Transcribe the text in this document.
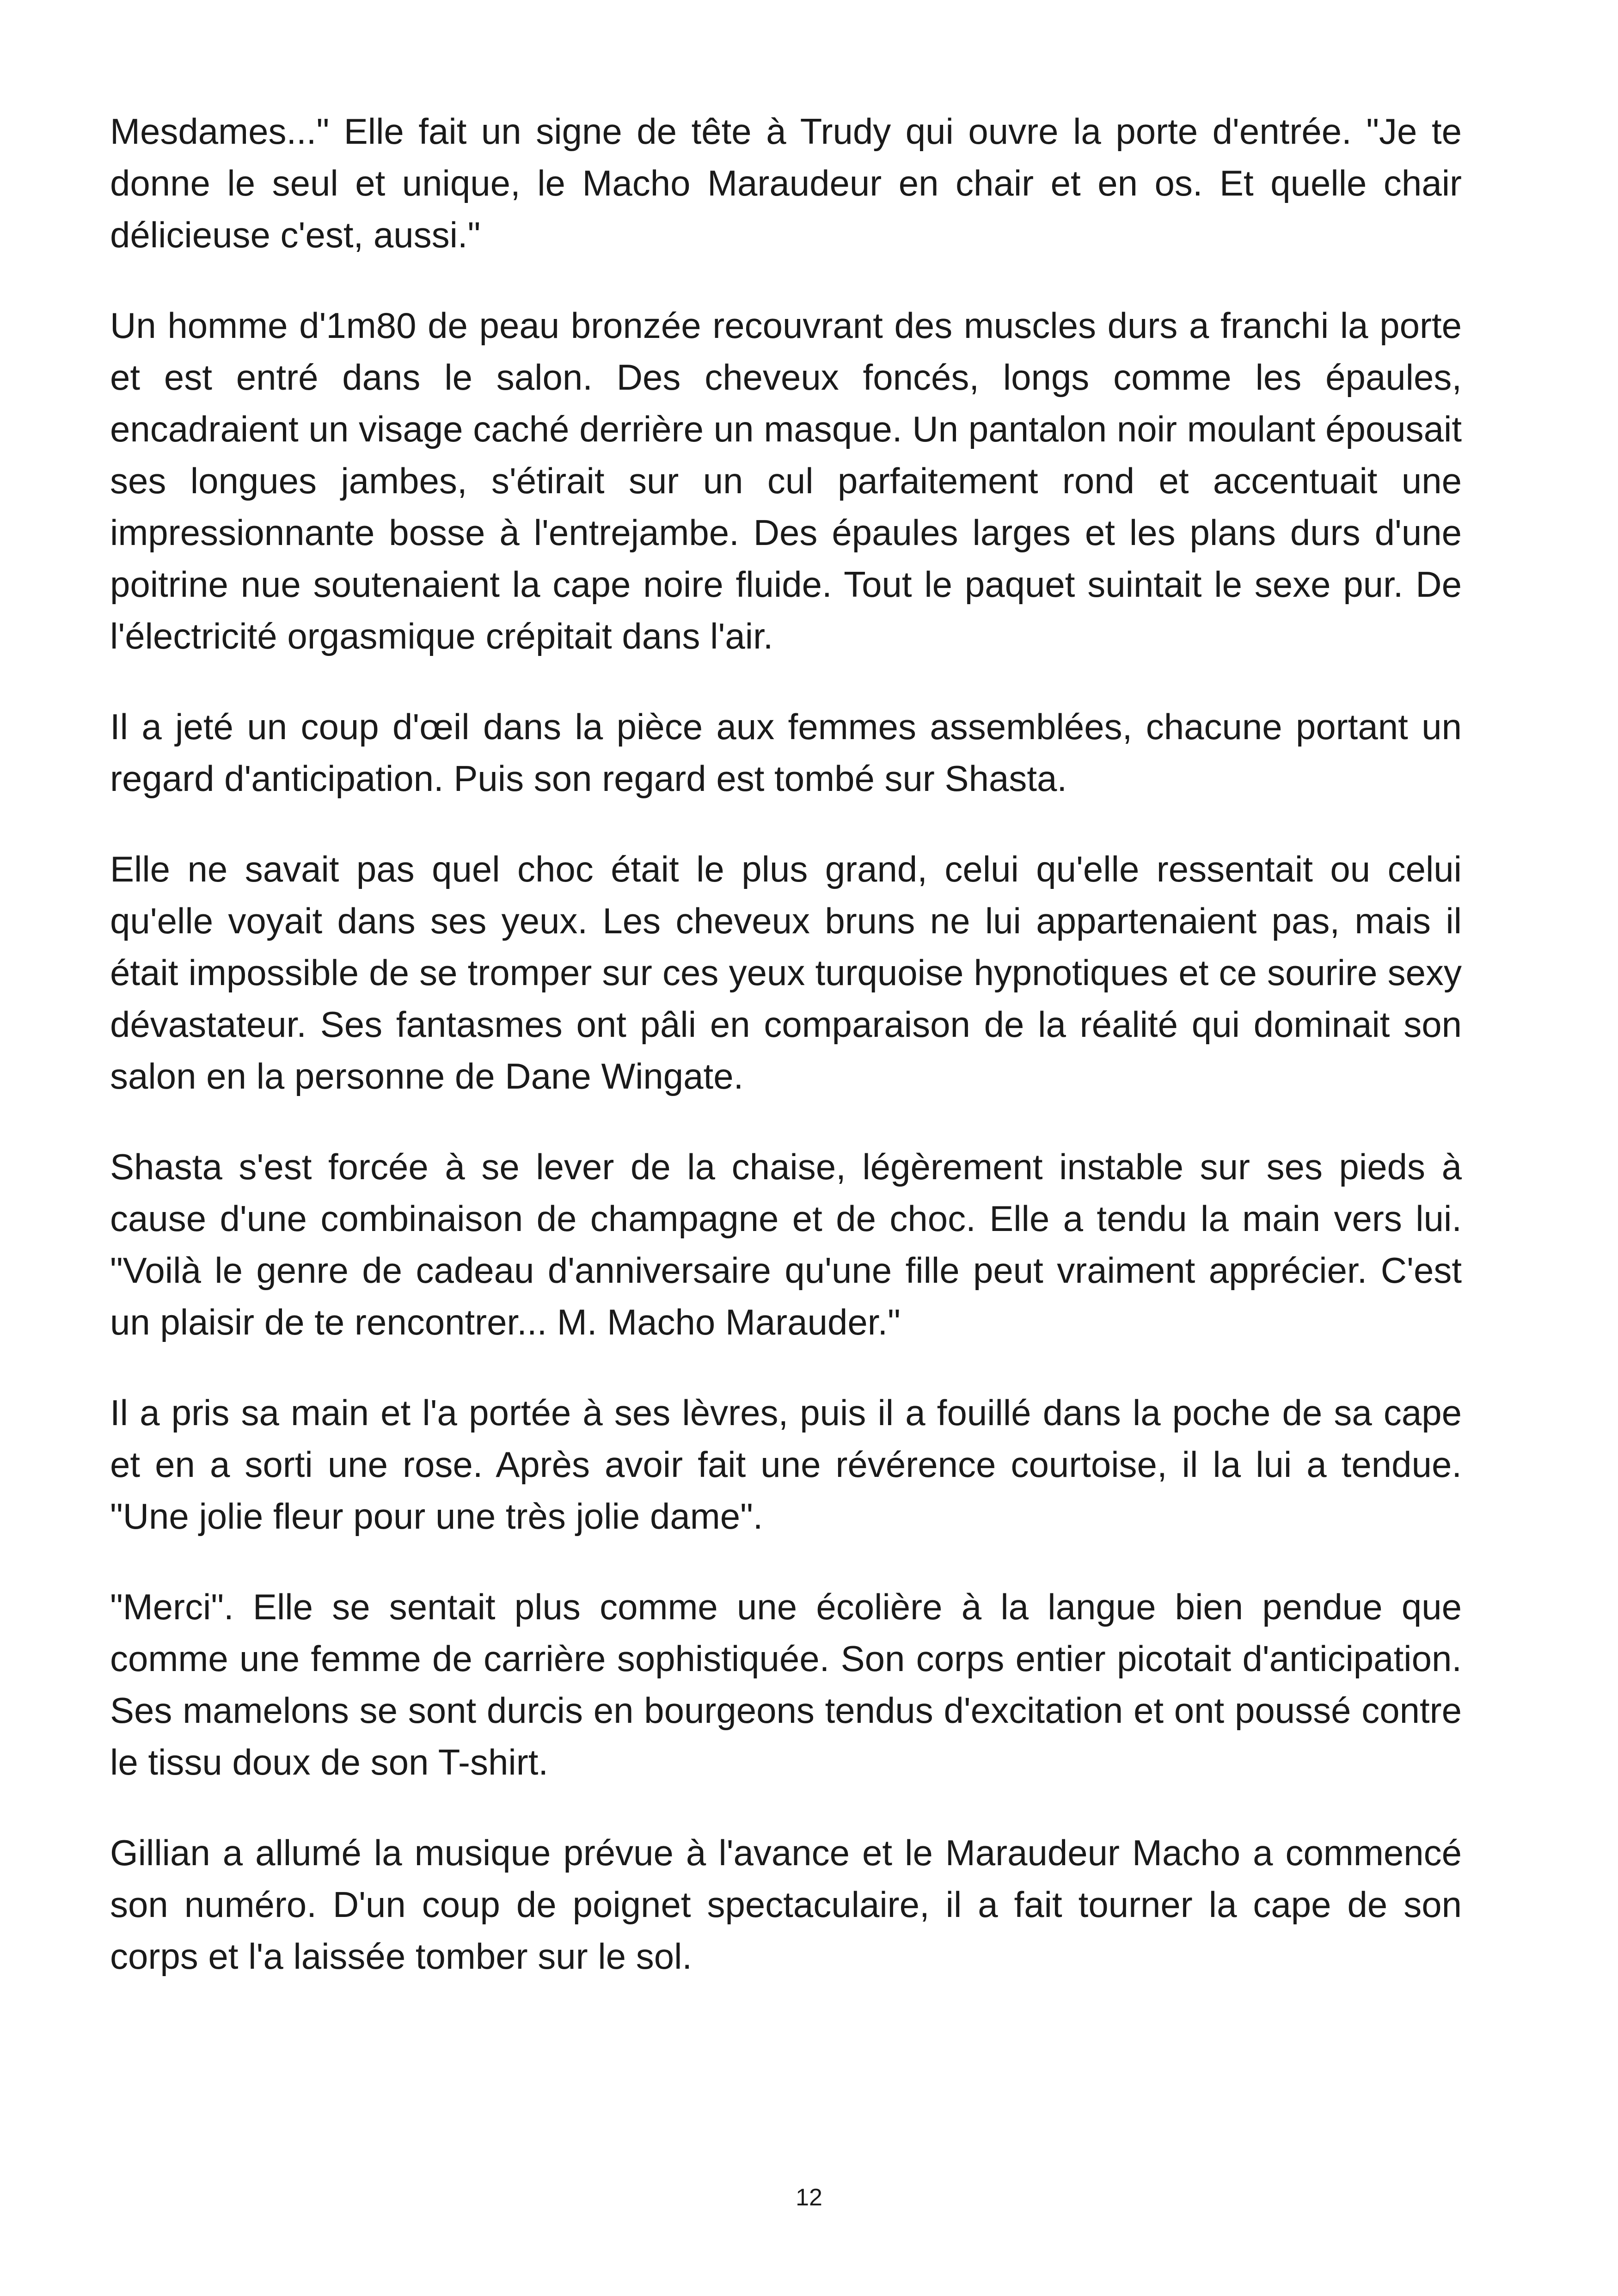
Mesdames..." Elle fait un signe de tête à Trudy qui ouvre la porte d'entrée. "Je te donne le seul et unique, le Macho Maraudeur en chair et en os. Et quelle chair délicieuse c'est, aussi."

Un homme d'1m80 de peau bronzée recouvrant des muscles durs a franchi la porte et est entré dans le salon. Des cheveux foncés, longs comme les épaules, encadraient un visage caché derrière un masque. Un pantalon noir moulant épousait ses longues jambes, s'étirait sur un cul parfaitement rond et accentuait une impressionnante bosse à l'entrejambe. Des épaules larges et les plans durs d'une poitrine nue soutenaient la cape noire fluide. Tout le paquet suintait le sexe pur. De l'électricité orgasmique crépitait dans l'air.

Il a jeté un coup d'œil dans la pièce aux femmes assemblées, chacune portant un regard d'anticipation. Puis son regard est tombé sur Shasta.

Elle ne savait pas quel choc était le plus grand, celui qu'elle ressentait ou celui qu'elle voyait dans ses yeux. Les cheveux bruns ne lui appartenaient pas, mais il était impossible de se tromper sur ces yeux turquoise hypnotiques et ce sourire sexy dévastateur. Ses fantasmes ont pâli en comparaison de la réalité qui dominait son salon en la personne de Dane Wingate.

Shasta s'est forcée à se lever de la chaise, légèrement instable sur ses pieds à cause d'une combinaison de champagne et de choc. Elle a tendu la main vers lui. "Voilà le genre de cadeau d'anniversaire qu'une fille peut vraiment apprécier. C'est un plaisir de te rencontrer... M. Macho Marauder."

Il a pris sa main et l'a portée à ses lèvres, puis il a fouillé dans la poche de sa cape et en a sorti une rose. Après avoir fait une révérence courtoise, il la lui a tendue. "Une jolie fleur pour une très jolie dame".

"Merci". Elle se sentait plus comme une écolière à la langue bien pendue que comme une femme de carrière sophistiquée. Son corps entier picotait d'anticipation. Ses mamelons se sont durcis en bourgeons tendus d'excitation et ont poussé contre le tissu doux de son T-shirt.

Gillian a allumé la musique prévue à l'avance et le Maraudeur Macho a commencé son numéro. D'un coup de poignet spectaculaire, il a fait tourner la cape de son corps et l'a laissée tomber sur le sol.

12
